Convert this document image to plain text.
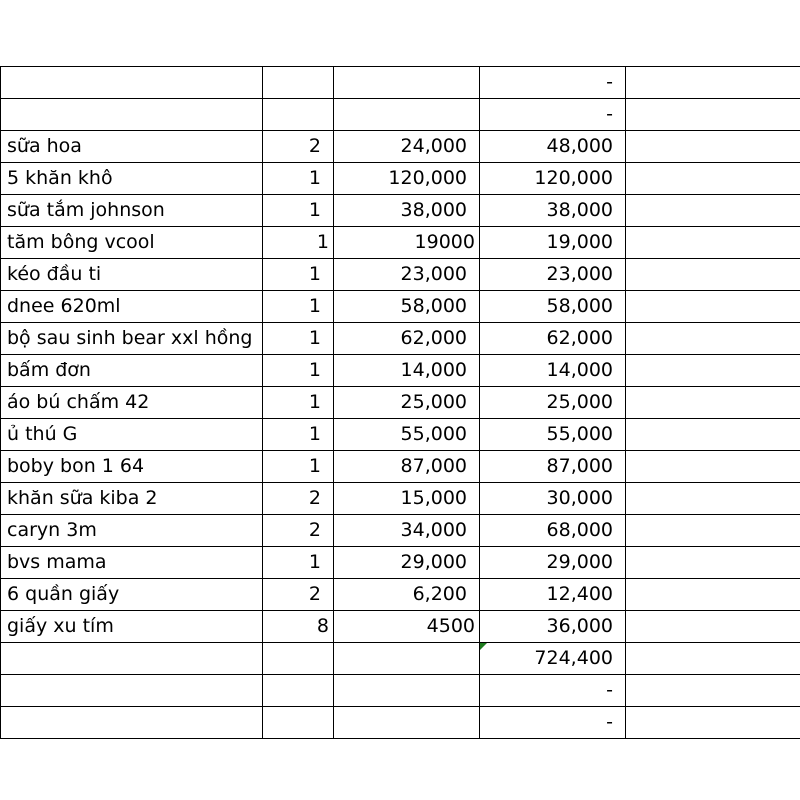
			-	
			-	
sữa hoa	2	24,000	48,000	
5 khăn khô	1	120,000	120,000	
sữa tắm johnson	1	38,000	38,000	
tăm bông vcool	1	19000	19,000	
kéo đầu ti	1	23,000	23,000	
dnee 620ml	1	58,000	58,000	
bộ sau sinh bear xxl hồng	1	62,000	62,000	
bấm đơn	1	14,000	14,000	
áo bú chấm 42	1	25,000	25,000	
ủ thú G	1	55,000	55,000	
boby bon 1 64	1	87,000	87,000	
khăn sữa kiba 2	2	15,000	30,000	
caryn 3m	2	34,000	68,000	
bvs mama	1	29,000	29,000	
6 quần giấy	2	6,200	12,400	
giấy xu tím	8	4500	36,000	
			724,400	
			-	
			-	
